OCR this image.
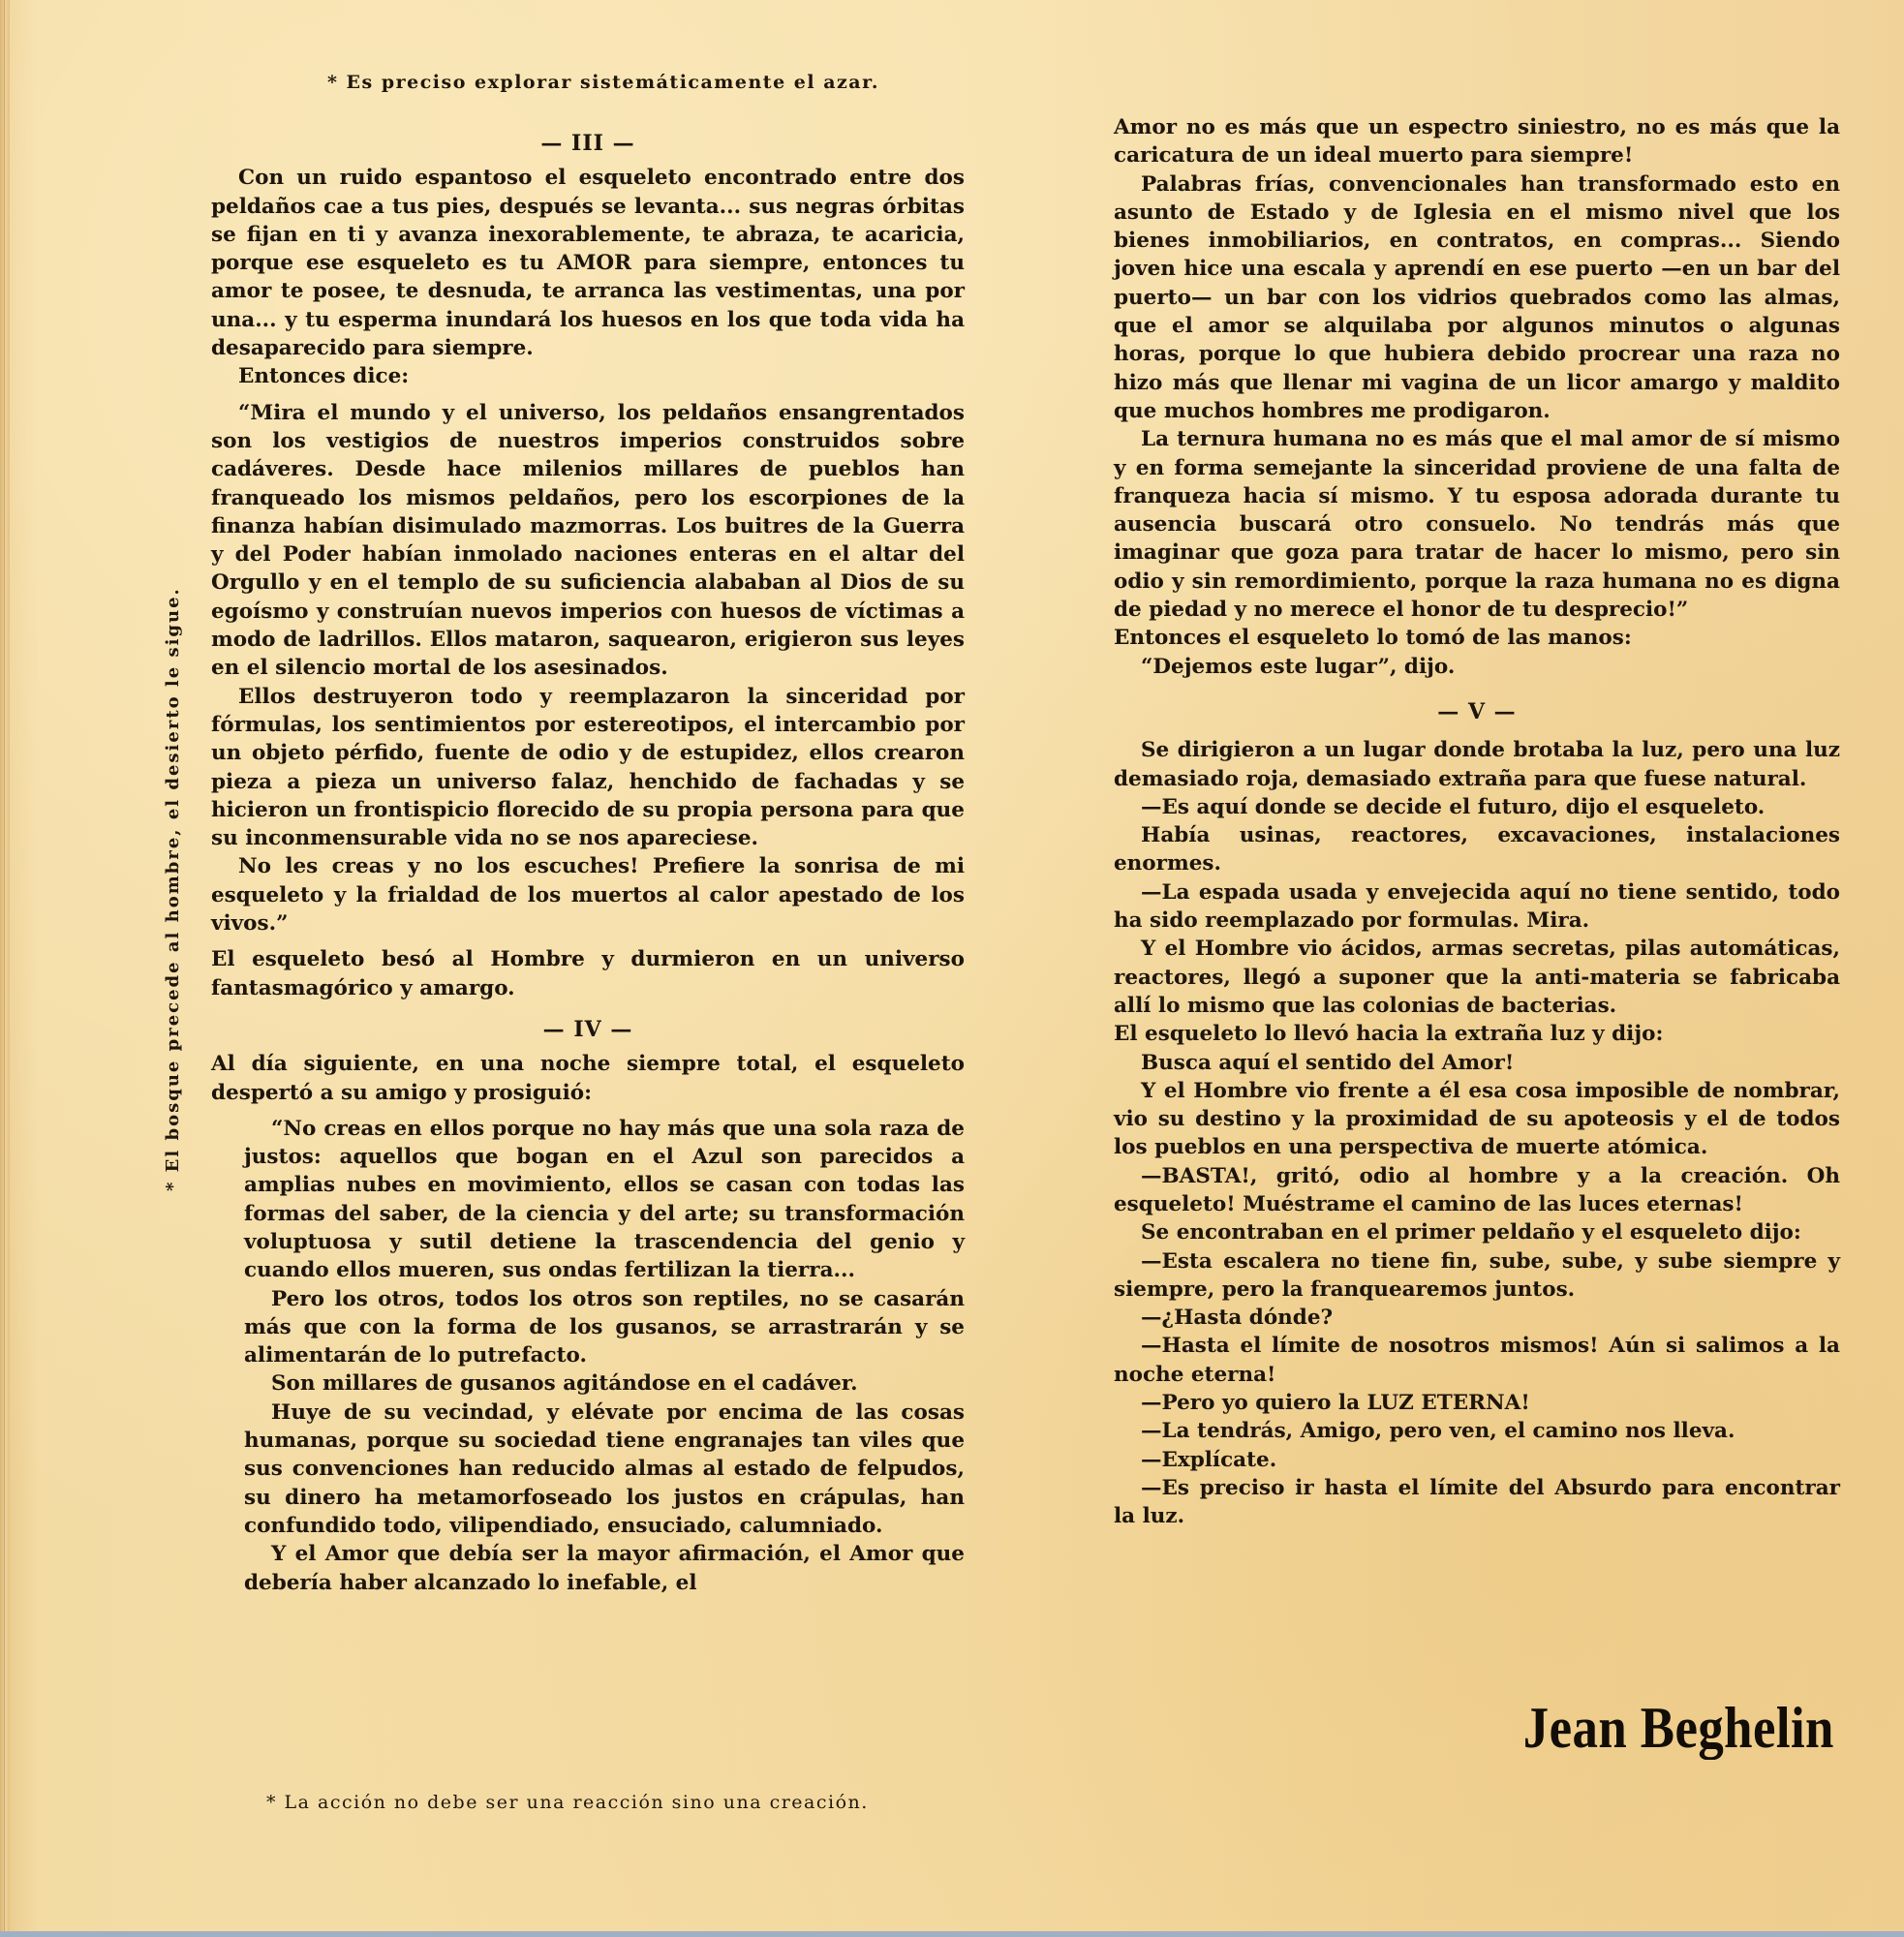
* Es preciso explorar sistemáticamente el azar.
* El bosque precede al hombre, el desierto le sigue.
* La acción no debe ser una reacción sino una creación.
— III —

Con un ruido espantoso el esqueleto encontrado entre dos peldaños cae a tus pies, después se levanta... sus negras órbitas se fijan en ti y avanza inexorablemente, te abraza, te acaricia, porque ese esqueleto es tu AMOR para siempre, entonces tu amor te posee, te desnuda, te arranca las vestimentas, una por una... y tu esperma inundará los huesos en los que toda vida ha desaparecido para siempre.

Entonces dice:

“Mira el mundo y el universo, los peldaños ensangrentados son los vestigios de nuestros imperios construidos sobre cadáveres. Desde hace milenios millares de pueblos han franqueado los mismos peldaños, pero los escorpiones de la finanza habían disimulado mazmorras. Los buitres de la Guerra y del Poder habían inmolado naciones enteras en el altar del Orgullo y en el templo de su suficiencia alababan al Dios de su egoísmo y construían nuevos imperios con huesos de víctimas a modo de ladrillos. Ellos mataron, saquearon, erigieron sus leyes en el silencio mortal de los asesinados.

Ellos destruyeron todo y reemplazaron la sinceridad por fórmulas, los sentimientos por estereotipos, el intercambio por un objeto pérfido, fuente de odio y de estupidez, ellos crearon pieza a pieza un universo falaz, henchido de fachadas y se hicieron un frontispicio florecido de su propia persona para que su inconmensurable vida no se nos apareciese.

No les creas y no los escuches! Prefiere la sonrisa de mi esqueleto y la frialdad de los muertos al calor apestado de los vivos.”

El esqueleto besó al Hombre y durmieron en un universo fantasmagórico y amargo.

— IV —

Al día siguiente, en una noche siempre total, el esqueleto despertó a su amigo y prosiguió:

“No creas en ellos porque no hay más que una sola raza de justos: aquellos que bogan en el Azul son parecidos a amplias nubes en movimiento, ellos se casan con todas las formas del saber, de la ciencia y del arte; su transformación voluptuosa y sutil detiene la trascendencia del genio y cuando ellos mueren, sus ondas fertilizan la tierra...

Pero los otros, todos los otros son reptiles, no se casarán más que con la forma de los gusanos, se arrastrarán y se alimentarán de lo putrefacto.

Son millares de gusanos agitándose en el cadáver.

Huye de su vecindad, y elévate por encima de las cosas humanas, porque su sociedad tiene engranajes tan viles que sus convenciones han reducido almas al estado de felpudos, su dinero ha metamorfoseado los justos en crápulas, han confundido todo, vilipendiado, ensuciado, calumniado.

Y el Amor que debía ser la mayor afirmación, el Amor que debería haber alcanzado lo inefable, el

Amor no es más que un espectro siniestro, no es más que la caricatura de un ideal muerto para siempre!

Palabras frías, convencionales han transformado esto en asunto de Estado y de Iglesia en el mismo nivel que los bienes inmobiliarios, en contratos, en compras... Siendo joven hice una escala y aprendí en ese puerto —en un bar del puerto— un bar con los vidrios quebrados como las almas, que el amor se alquilaba por algunos minutos o algunas horas, porque lo que hubiera debido procrear una raza no hizo más que llenar mi vagina de un licor amargo y maldito que muchos hombres me prodigaron.

La ternura humana no es más que el mal amor de sí mismo y en forma semejante la sinceridad proviene de una falta de franqueza hacia sí mismo. Y tu esposa adorada durante tu ausencia buscará otro consuelo. No tendrás más que imaginar que goza para tratar de hacer lo mismo, pero sin odio y sin remordimiento, porque la raza humana no es digna de piedad y no merece el honor de tu desprecio!”

Entonces el esqueleto lo tomó de las manos:

“Dejemos este lugar”, dijo.

— V —

Se dirigieron a un lugar donde brotaba la luz, pero una luz demasiado roja, demasiado extraña para que fuese natural.

—Es aquí donde se decide el futuro, dijo el esqueleto.

Había usinas, reactores, excavaciones, instalaciones enormes.

—La espada usada y envejecida aquí no tiene sentido, todo ha sido reemplazado por formulas. Mira.

Y el Hombre vio ácidos, armas secretas, pilas automáticas, reactores, llegó a suponer que la anti-materia se fabricaba allí lo mismo que las colonias de bacterias.

El esqueleto lo llevó hacia la extraña luz y dijo:

Busca aquí el sentido del Amor!

Y el Hombre vio frente a él esa cosa imposible de nombrar, vio su destino y la proximidad de su apoteosis y el de todos los pueblos en una perspectiva de muerte atómica.

—BASTA!, gritó, odio al hombre y a la creación. Oh esqueleto! Muéstrame el camino de las luces eternas!

Se encontraban en el primer peldaño y el esqueleto dijo:

—Esta escalera no tiene fin, sube, sube, y sube siempre y siempre, pero la franquearemos juntos.

—¿Hasta dónde?

—Hasta el límite de nosotros mismos! Aún si salimos a la noche eterna!

—Pero yo quiero la LUZ ETERNA!

—La tendrás, Amigo, pero ven, el camino nos lleva.

—Explícate.

—Es preciso ir hasta el límite del Absurdo para encontrar la luz.

Jean Beghelin
